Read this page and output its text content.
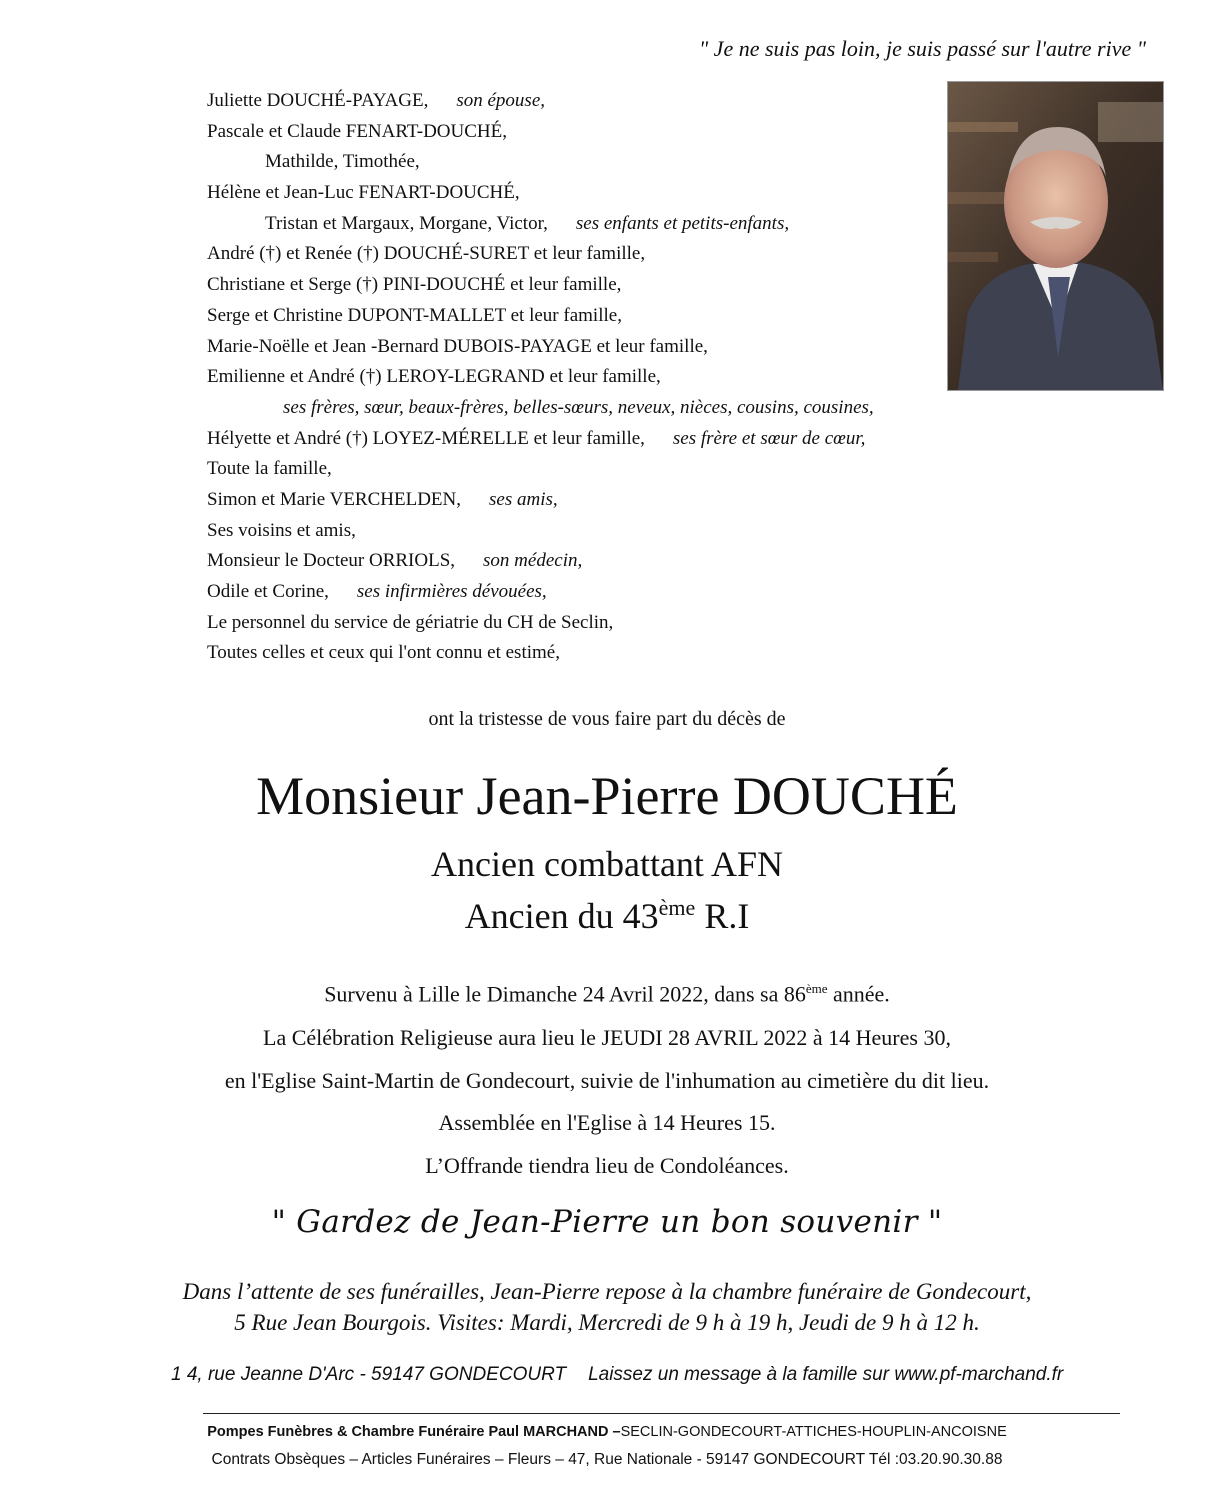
" Je ne suis pas loin, je suis passé sur l'autre rive "
Juliette DOUCHÉ-PAYAGE, son épouse,
Pascale et Claude FENART-DOUCHÉ,
Mathilde, Timothée,
Hélène et Jean-Luc FENART-DOUCHÉ,
Tristan et Margaux, Morgane, Victor, ses enfants et petits-enfants,
André (†) et Renée (†) DOUCHÉ-SURET et leur famille,
Christiane et Serge (†) PINI-DOUCHÉ et leur famille,
Serge et Christine DUPONT-MALLET et leur famille,
Marie-Noëlle et Jean -Bernard DUBOIS-PAYAGE et leur famille,
Emilienne et André (†) LEROY-LEGRAND et leur famille,
ses frères, sœur, beaux-frères, belles-sœurs, neveux, nièces, cousins, cousines,
Hélyette et André (†) LOYEZ-MÉRELLE et leur famille, ses frère et sœur de cœur,
Toute la famille,
Simon et Marie VERCHELDEN, ses amis,
Ses voisins et amis,
Monsieur le Docteur ORRIOLS, son médecin,
Odile et Corine, ses infirmières dévouées,
Le personnel du service de gériatrie du CH de Seclin,
Toutes celles et ceux qui l'ont connu et estimé,
ont la tristesse de vous faire part du décès de
Monsieur Jean-Pierre DOUCHÉ
Ancien combattant AFN
Ancien du 43ème R.I
Survenu à Lille le Dimanche 24 Avril 2022, dans sa 86ème année.
La Célébration Religieuse aura lieu le JEUDI 28 AVRIL 2022 à 14 Heures 30,
en l'Eglise Saint-Martin de Gondecourt, suivie de l'inhumation au cimetière du dit lieu.
Assemblée en l'Eglise à 14 Heures 15.
L’Offrande tiendra lieu de Condoléances.
" Gardez de Jean-Pierre un bon souvenir "
Dans l’attente de ses funérailles, Jean-Pierre repose à la chambre funéraire de Gondecourt,
5 Rue Jean Bourgois. Visites: Mardi, Mercredi de 9 h à 19 h, Jeudi de 9 h à 12 h.
1 4, rue Jeanne D'Arc - 59147 GONDECOURT Laissez un message à la famille sur www.pf-marchand.fr
Pompes Funèbres & Chambre Funéraire Paul MARCHAND –SECLIN-GONDECOURT-ATTICHES-HOUPLIN-ANCOISNE
Contrats Obsèques – Articles Funéraires – Fleurs – 47, Rue Nationale - 59147 GONDECOURT Tél :03.20.90.30.88
